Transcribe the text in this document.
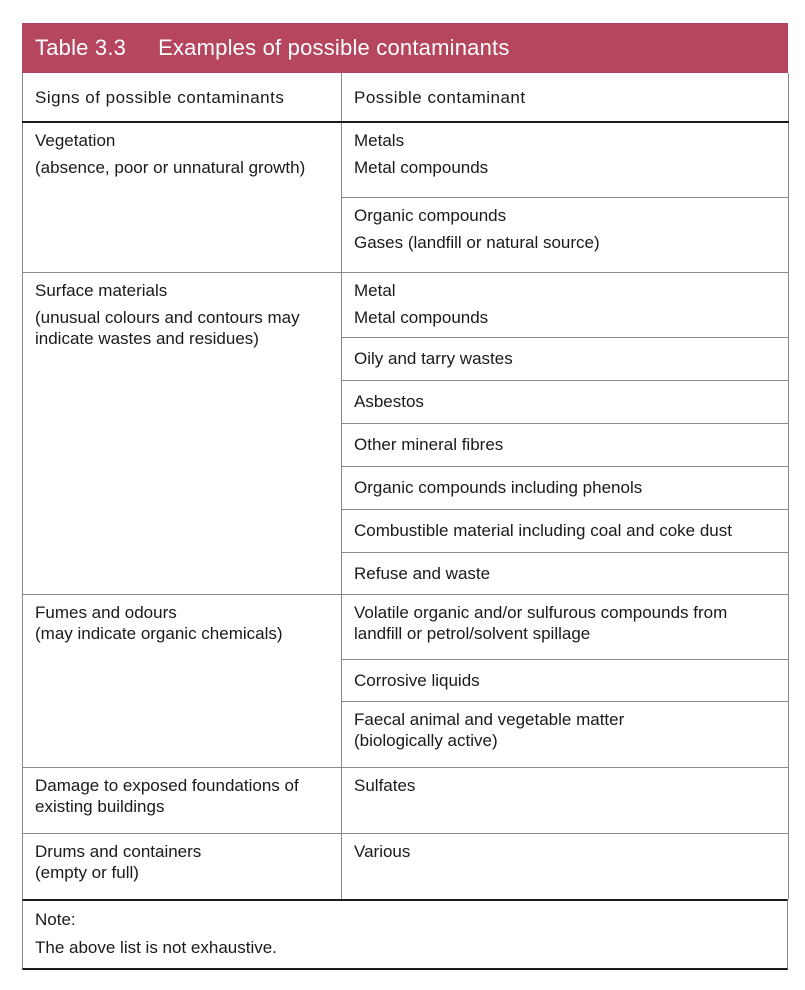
Table 3.3 Examples of possible contaminants
Signs of possible contaminants	Possible contaminant

Vegetation
(absence, poor or unnatural growth)	Metals
Metal compounds

	Organic compounds
Gases (landfill or natural source)

Surface materials
(unusual colours and contours may
indicate wastes and residues)	Metal
Metal compounds

	Oily and tarry wastes

	Asbestos

	Other mineral fibres

	Organic compounds including phenols

	Combustible material including coal and coke dust

	Refuse and waste

Fumes and odours
(may indicate organic chemicals)	Volatile organic and/or sulfurous compounds from
landfill or petrol/solvent spillage

	Corrosive liquids

	Faecal animal and vegetable matter
(biologically active)

Damage to exposed foundations of
existing buildings	Sulfates

Drums and containers
(empty or full)	Various
Note:
The above list is not exhaustive.
